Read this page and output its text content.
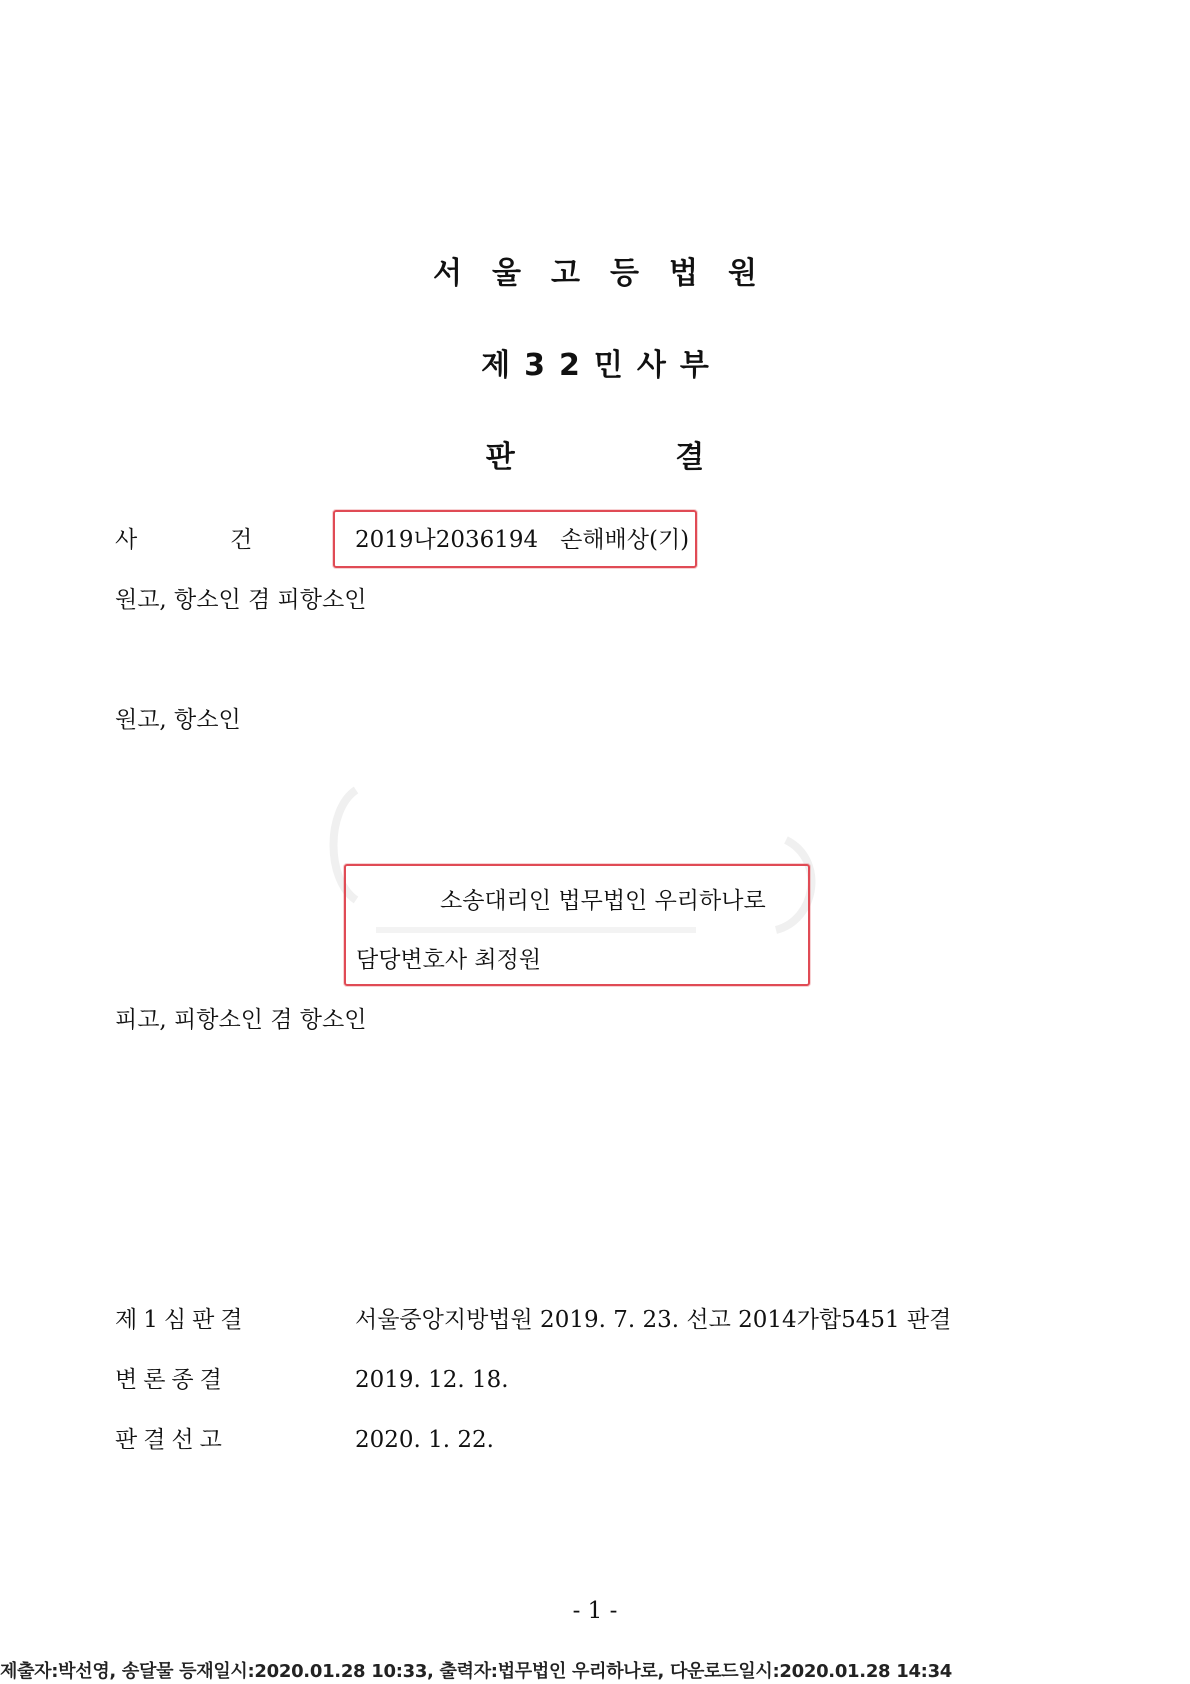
서울고등법원
제32민사부
판	결
사	건	2019나2036194   손해배상(기)
원고, 항소인 겸 피항소인
원고, 항소인
소송대리인 법무법인 우리하나로
담당변호사 최정원
피고, 피항소인 겸 항소인
제1심판결	서울중앙지방법원 2019. 7. 23. 선고 2014가합5451 판결
변론종결	2019. 12. 18.
판결선고	2020. 1. 22.
- 1 -
제출자:박선영, 송달물 등재일시:2020.01.28 10:33, 출력자:법무법인 우리하나로, 다운로드일시:2020.01.28 14:34
